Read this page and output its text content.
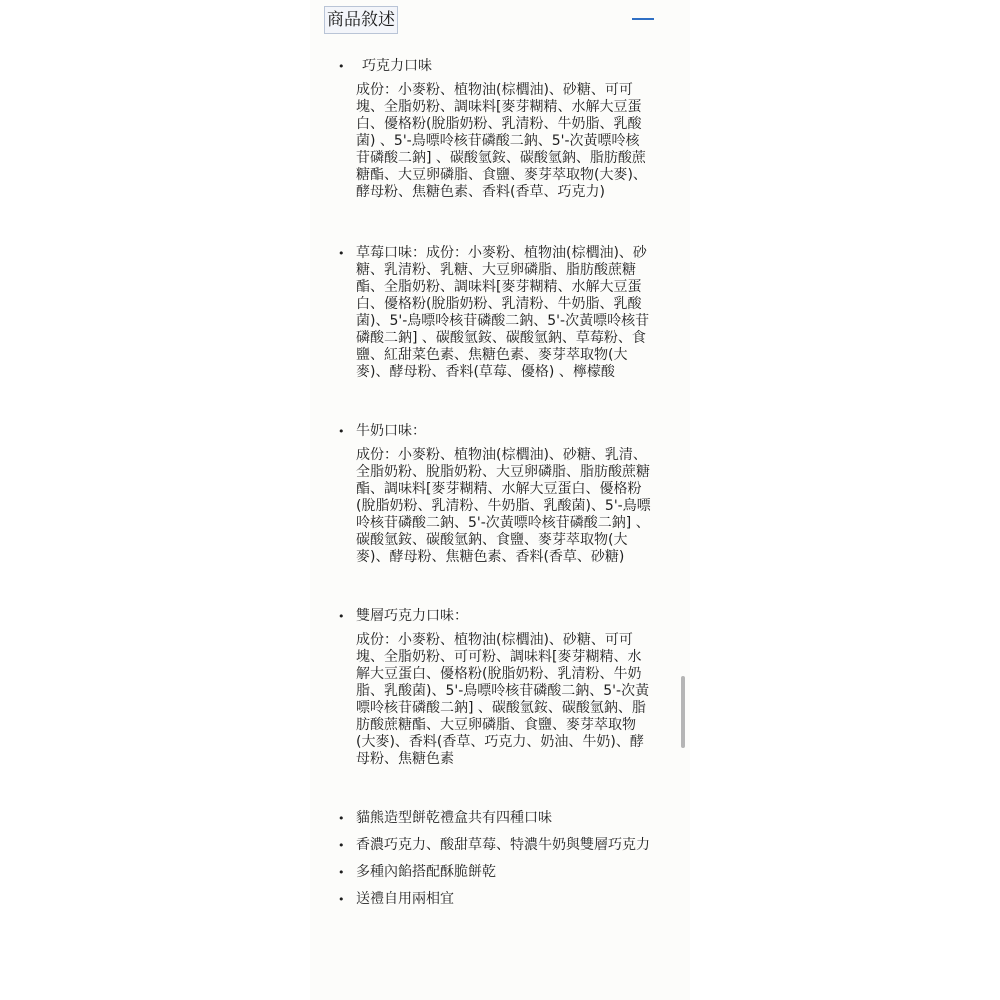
商品敘述
•	巧克力口味
成份：小麥粉、植物油(棕櫚油)、砂糖、可可塊、全脂奶粉、調味料[麥芽糊精、水解大豆蛋白、優格粉(脫脂奶粉、乳清粉、牛奶脂、乳酸菌) 、5'-鳥嘌呤核苷磷酸二鈉、5'-次黃嘌呤核苷磷酸二鈉] 、碳酸氫銨、碳酸氫鈉、脂肪酸蔗糖酯、大豆卵磷脂、食鹽、麥芽萃取物(大麥)、酵母粉、焦糖色素、香料(香草、巧克力)
• 草莓口味：成份：小麥粉、植物油(棕櫚油)、砂糖、乳清粉、乳糖、大豆卵磷脂、脂肪酸蔗糖酯、全脂奶粉、調味料[麥芽糊精、水解大豆蛋白、優格粉(脫脂奶粉、乳清粉、牛奶脂、乳酸菌)、5'-鳥嘌呤核苷磷酸二鈉、5'-次黃嘌呤核苷磷酸二鈉] 、碳酸氫銨、碳酸氫鈉、草莓粉、食鹽、紅甜菜色素、焦糖色素、麥芽萃取物(大麥)、酵母粉、香料(草莓、優格) 、檸檬酸
• 牛奶口味：
成份：小麥粉、植物油(棕櫚油)、砂糖、乳清、全脂奶粉、脫脂奶粉、大豆卵磷脂、脂肪酸蔗糖酯、調味料[麥芽糊精、水解大豆蛋白、優格粉(脫脂奶粉、乳清粉、牛奶脂、乳酸菌)、5'-鳥嘌呤核苷磷酸二鈉、5'-次黃嘌呤核苷磷酸二鈉] 、碳酸氫銨、碳酸氫鈉、食鹽、麥芽萃取物(大麥)、酵母粉、焦糖色素、香料(香草、砂糖)
• 雙層巧克力口味：
成份：小麥粉、植物油(棕櫚油)、砂糖、可可塊、全脂奶粉、可可粉、調味料[麥芽糊精、水解大豆蛋白、優格粉(脫脂奶粉、乳清粉、牛奶脂、乳酸菌)、5'-鳥嘌呤核苷磷酸二鈉、5'-次黃嘌呤核苷磷酸二鈉] 、碳酸氫銨、碳酸氫鈉、脂肪酸蔗糖酯、大豆卵磷脂、食鹽、麥芽萃取物(大麥)、香料(香草、巧克力、奶油、牛奶)、酵母粉、焦糖色素
• 貓熊造型餅乾禮盒共有四種口味
• 香濃巧克力、酸甜草莓、特濃牛奶與雙層巧克力
• 多種內餡搭配酥脆餅乾
• 送禮自用兩相宜
